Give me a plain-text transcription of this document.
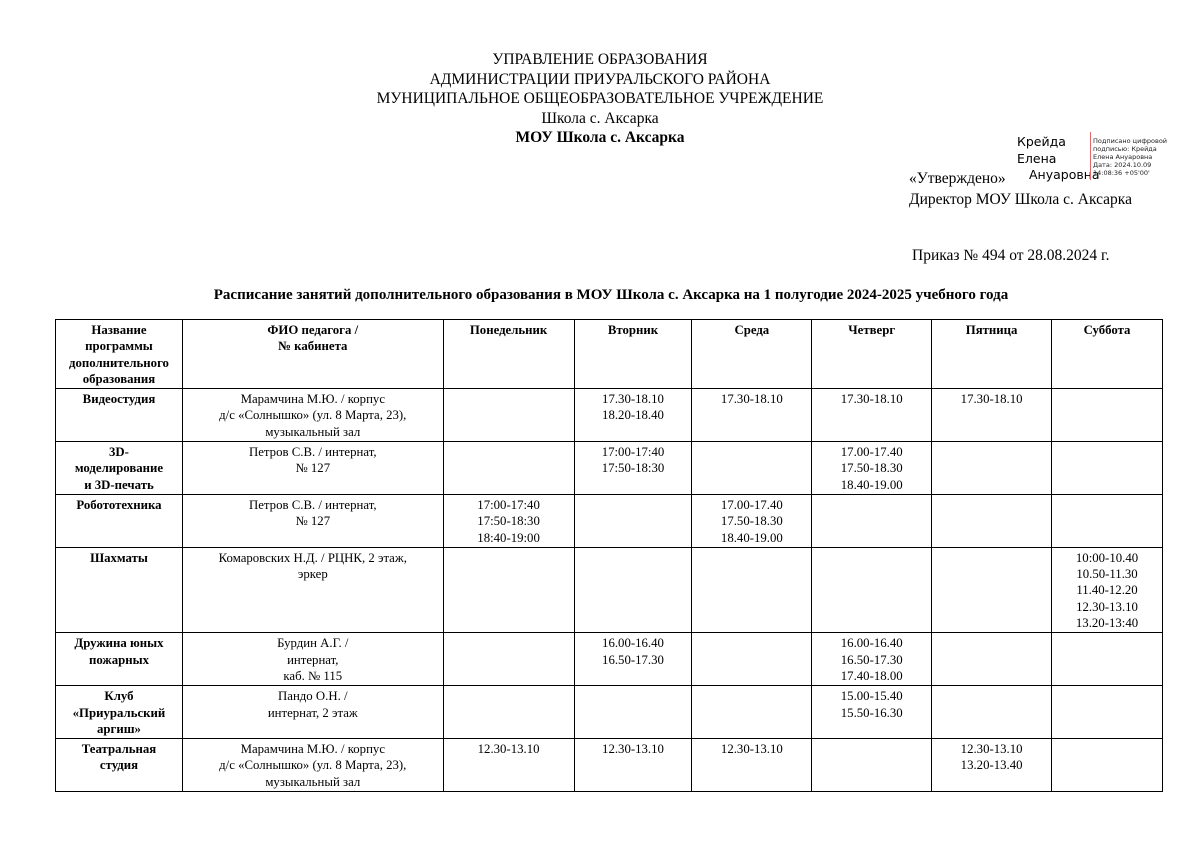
УПРАВЛЕНИЕ ОБРАЗОВАНИЯ
АДМИНИСТРАЦИИ ПРИУРАЛЬСКОГО РАЙОНА
МУНИЦИПАЛЬНОЕ ОБЩЕОБРАЗОВАТЕЛЬНОЕ УЧРЕЖДЕНИЕ
Школа с. Аксарка
МОУ Школа с. Аксарка	Крейда
Елена
Ануаровна
Подписано цифровой
подписью: Крейда
Елена Ануаровна
Дата: 2024.10.09
14:08:36 +05'00'
«Утверждено»
Директор МОУ Школа с. Аксарка
Приказ № 494 от 28.08.2024 г.
Расписание занятий дополнительного образования в МОУ Школа с. Аксарка на 1 полугодие 2024-2025 учебного года
Название
программы
дополнительного
образования	ФИО педагога /
№ кабинета	Понедельник	Вторник	Среда	Четверг	Пятница	Суббота

Видеостудия	Марамчина М.Ю. / корпус
д/с «Солнышко» (ул. 8 Марта, 23),
музыкальный зал		17.30-18.10
18.20-18.40	17.30-18.10	17.30-18.10	17.30-18.10	

3D-
моделирование
и 3D-печать	Петров С.В. / интернат,
№ 127		17:00-17:40
17:50-18:30		17.00-17.40
17.50-18.30
18.40-19.00		

Робототехника	Петров С.В. / интернат,
№ 127	17:00-17:40
17:50-18:30
18:40-19:00		17.00-17.40
17.50-18.30
18.40-19.00			

Шахматы	Комаровских Н.Д. / РЦНК, 2 этаж,
эркер						10:00-10.40
10.50-11.30
11.40-12.20
12.30-13.10
13.20-13:40

Дружина юных
пожарных	Бурдин А.Г. /
интернат,
каб. № 115		16.00-16.40
16.50-17.30		16.00-16.40
16.50-17.30
17.40-18.00		

Клуб
«Приуральский
аргиш»	Пандо О.Н. /
интернат, 2 этаж				15.00-15.40
15.50-16.30		

Театральная
студия	Марамчина М.Ю. / корпус
д/с «Солнышко» (ул. 8 Марта, 23),
музыкальный зал	12.30-13.10	12.30-13.10	12.30-13.10		12.30-13.10
13.20-13.40	
